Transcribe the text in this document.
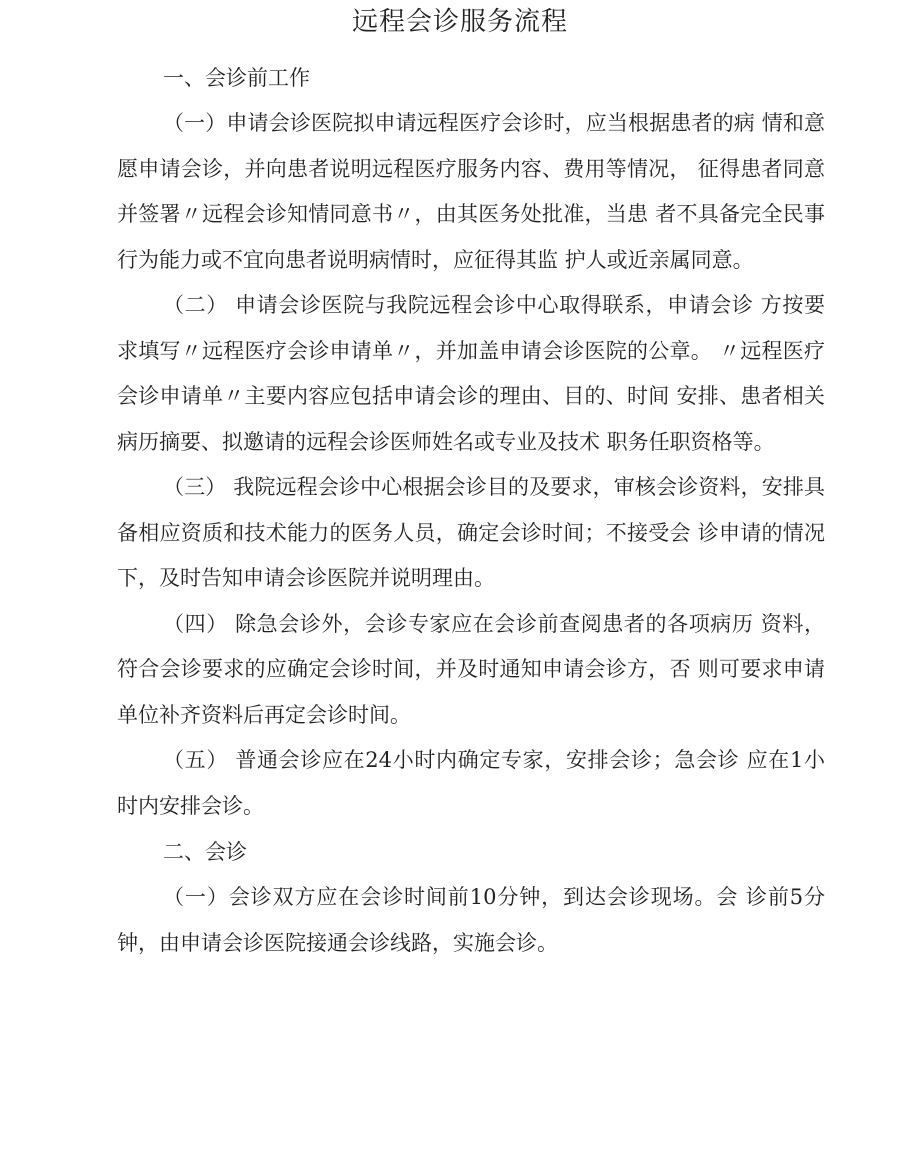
远程会诊服务流程

一、会诊前工作

（一）申请会诊医院拟申请远程医疗会诊时，应当根据患者的病 情和意愿申请会诊，并向患者说明远程医疗服务内容、费用等情况， 征得患者同意并签署〃远程会诊知情同意书〃，由其医务处批准，当患 者不具备完全民事行为能力或不宜向患者说明病情时，应征得其监 护人或近亲属同意。

（二） 申请会诊医院与我院远程会诊中心取得联系，申请会诊 方按要求填写〃远程医疗会诊申请单〃，并加盖申请会诊医院的公章。 〃远程医疗会诊申请单〃主要内容应包括申请会诊的理由、目的、时间 安排、患者相关病历摘要、拟邀请的远程会诊医师姓名或专业及技术 职务任职资格等。

（三） 我院远程会诊中心根据会诊目的及要求，审核会诊资料，安排具备相应资质和技术能力的医务人员，确定会诊时间；不接受会 诊申请的情况下，及时告知申请会诊医院并说明理由。

（四） 除急会诊外，会诊专家应在会诊前查阅患者的各项病历 资料，符合会诊要求的应确定会诊时间，并及时通知申请会诊方，否 则可要求申请单位补齐资料后再定会诊时间。

（五） 普通会诊应在24小时内确定专家，安排会诊；急会诊 应在1小时内安排会诊。

二、会诊

（一）会诊双方应在会诊时间前10分钟，到达会诊现场。会 诊前5分钟，由申请会诊医院接通会诊线路，实施会诊。
